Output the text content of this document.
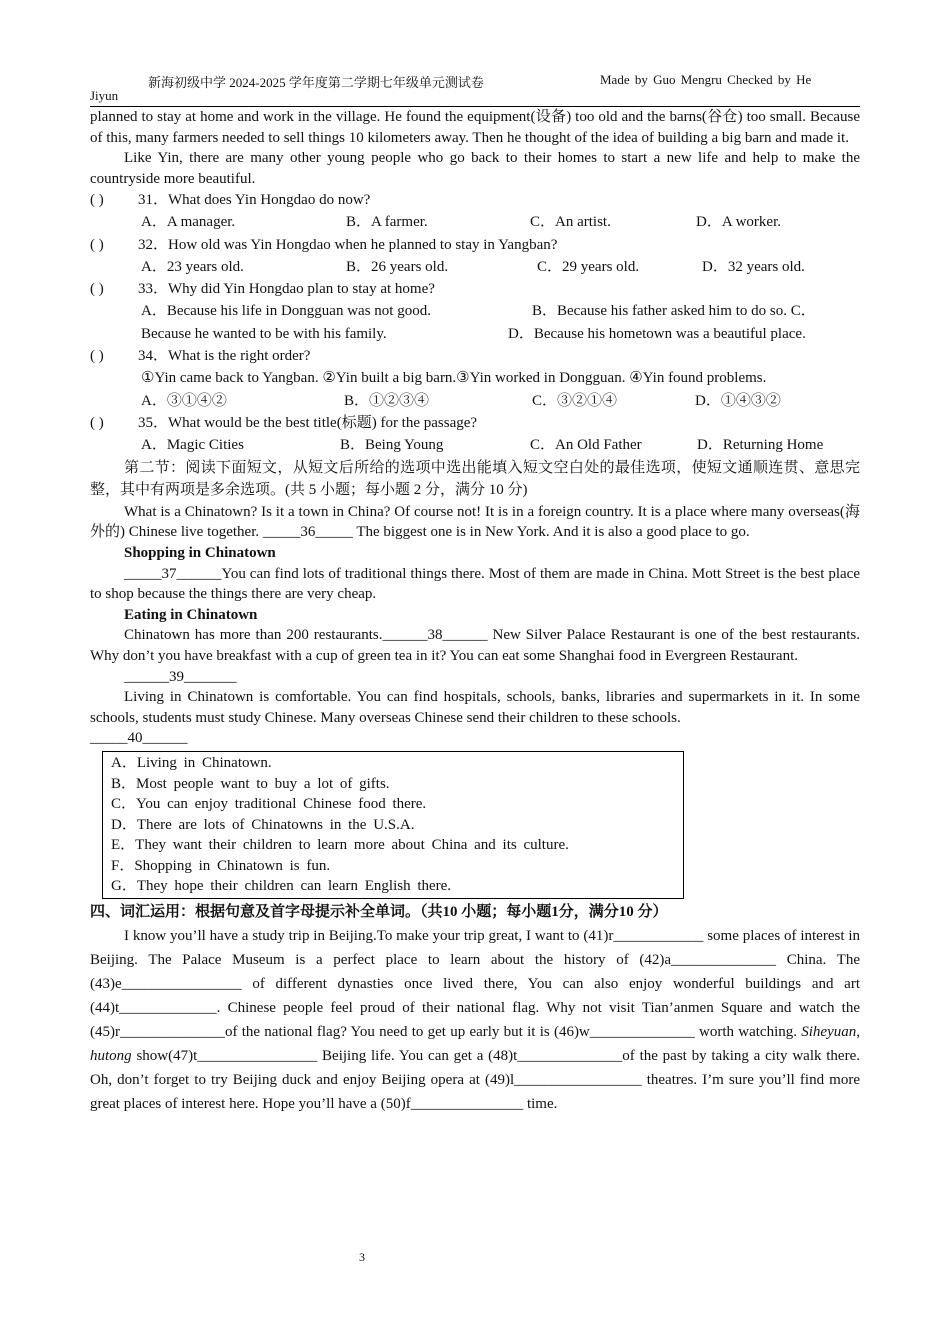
新海初级中学 2024-2025 学年度第二学期七年级单元测试卷	Made by Guo Mengru Checked by He
Jiyun

planned to stay at home and work in the village. He found the equipment(设备) too old and the barns(谷仓) too small. Because of this, many farmers needed to sell things 10 kilometers away. Then he thought of the idea of building a big barn and made it.

Like Yin, there are many other young people who go back to their homes to start a new life and help to make the countryside more beautiful.

( ) 31．What does Yin Hongdao do now?
A．A manager.	B．A farmer.	C．An artist.	D．A worker.
( ) 32．How old was Yin Hongdao when he planned to stay in Yangban?
A．23 years old.	B．26 years old.	C．29 years old.	D．32 years old.
( ) 33．Why did Yin Hongdao plan to stay at home?
A．Because his life in Dongguan was not good.	B．Because his father asked him to do so. C．
Because he wanted to be with his family.	D．Because his hometown was a beautiful place.
( ) 34．What is the right order?
①Yin came back to Yangban. ②Yin built a big barn.③Yin worked in Dongguan. ④Yin found problems.
A．③①④②	B．①②③④	C．③②①④	D．①④③②
( ) 35．What would be the best title(标题) for the passage?
A．Magic Cities	B．Being Young	C．An Old Father	D．Returning Home

第二节：阅读下面短文，从短文后所给的选项中选出能填入短文空白处的最佳选项，使短文通顺连贯、意思完整，其中有两项是多余选项。(共 5 小题；每小题 2 分，满分 10 分)

What is a Chinatown? Is it a town in China? Of course not! It is in a foreign country. It is a place where many overseas(海外的) Chinese live together. _____36_____ The biggest one is in New York. And it is also a good place to go.

Shopping in Chinatown

_____37______You can find lots of traditional things there. Most of them are made in China. Mott Street is the best place to shop because the things there are very cheap.

Eating in Chinatown

Chinatown has more than 200 restaurants.______38______ New Silver Palace Restaurant is one of the best restaurants. Why don’t you have breakfast with a cup of green tea in it? You can eat some Shanghai food in Evergreen Restaurant.

______39_______

Living in Chinatown is comfortable. You can find hospitals, schools, banks, libraries and supermarkets in it. In some schools, students must study Chinese. Many overseas Chinese send their children to these schools.

_____40______

A．Living in Chinatown.
B．Most people want to buy a lot of gifts.
C．You can enjoy traditional Chinese food there.
D．There are lots of Chinatowns in the U.S.A.
E．They want their children to learn more about China and its culture.
F．Shopping in Chinatown is fun.
G．They hope their children can learn English there.

四、词汇运用：根据句意及首字母提示补全单词。（共10 小题；每小题1分，满分10 分）

I know you’ll have a study trip in Beijing.To make your trip great, I want to (41)r____________ some places of interest in Beijing. The Palace Museum is a perfect place to learn about the history of (42)a______________ China. The (43)e________________ of different dynasties once lived there, You can also enjoy wonderful buildings and art (44)t_____________. Chinese people feel proud of their national flag. Why not visit Tian’anmen Square and watch the (45)r______________of the national flag? You need to get up early but it is (46)w______________ worth watching. Siheyuan, hutong show(47)t________________ Beijing life. You can get a (48)t______________of the past by taking a city walk there. Oh, don’t forget to try Beijing duck and enjoy Beijing opera at (49)l_________________ theatres. I’m sure you’ll find more great places of interest here. Hope you’ll have a (50)f_______________ time.

3
